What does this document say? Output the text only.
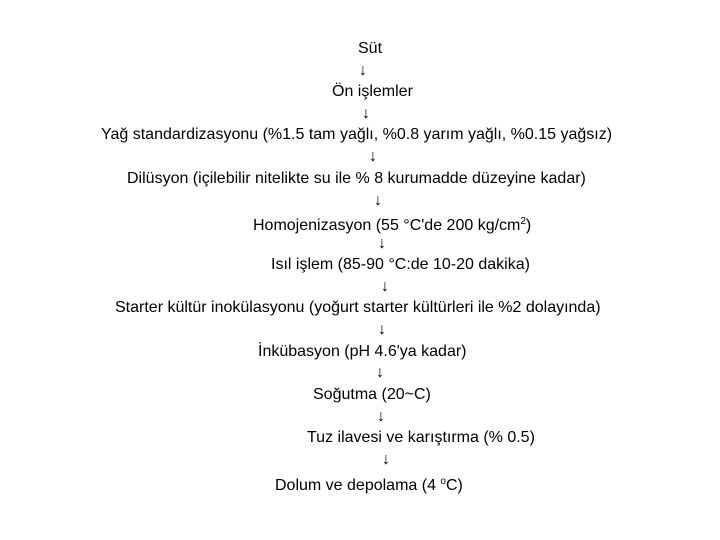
Süt
↓
Ön işlemler
↓
Yağ standardizasyonu (%1.5 tam yağlı, %0.8 yarım yağlı, %0.15 yağsız)
↓
Dilüsyon (içilebilir nitelikte su ile % 8 kurumadde düzeyine kadar)
↓
Homojenizasyon (55 °C'de 200 $kg/cm^2$)
↓
Isıl işlem (85-90 °C:de 10-20 dakika)
↓
Starter kültür inokülasyonu (yoğurt starter kültürleri ile %2 dolayında)
↓
İnkübasyon (pH 4.6'ya kadar)
↓
Soğutma (20~C)
↓
Tuz ilavesi ve karıştırma (% 0.5)
↓
Dolum ve depolama (4 $^o$C)
